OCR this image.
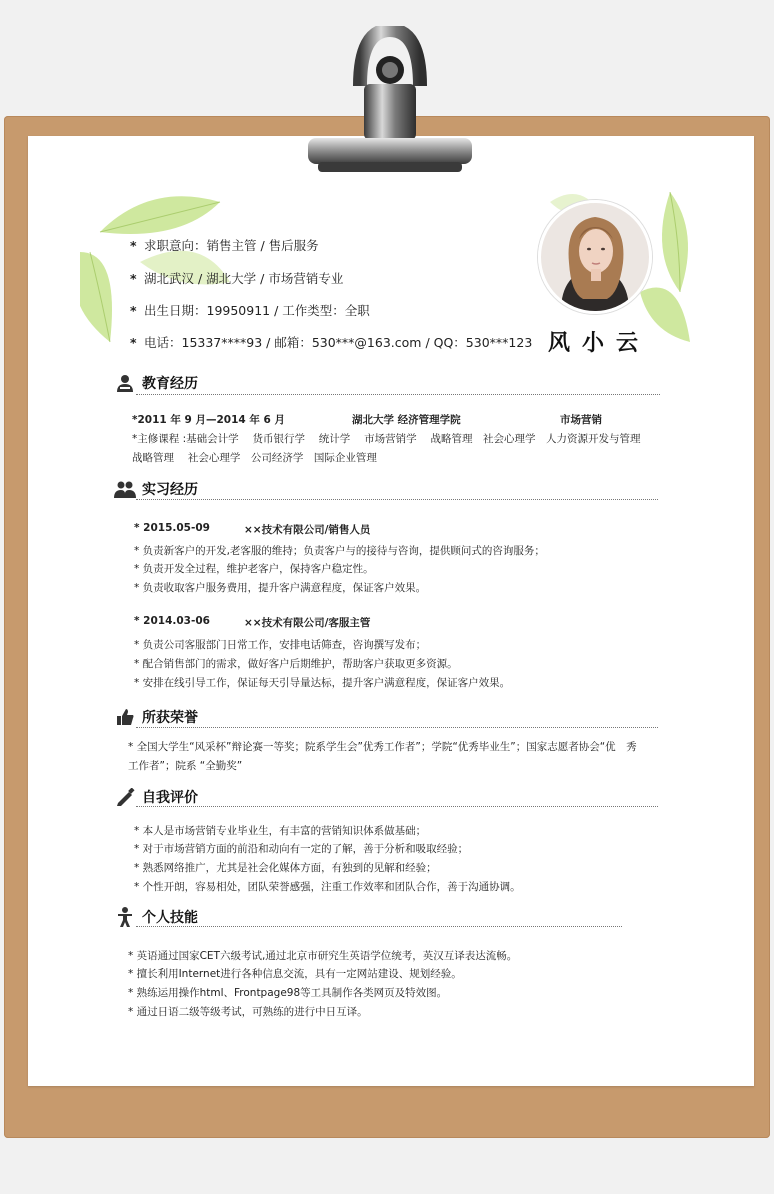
风小云
* 求职意向：销售主管 / 售后服务
* 湖北武汉 / 湖北大学 / 市场营销专业
* 出生日期：19950911 / 工作类型：全职
* 电话：15337****93 / 邮箱：530***@163.com / QQ：530***123
教育经历
*2011 年 9 月—2014 年 6 月	湖北大学 经济管理学院	市场营销
*主修课程 :基础会计学　 货币银行学　 统计学　 市场营销学　 战略管理　社会心理学　人力资源开发与管理
战略管理　 社会心理学　公司经济学　国际企业管理
实习经历
* 2015.05-09	××技术有限公司/销售人员
* 负责新客户的开发,老客服的维持；负责客户与的接待与咨询，提供顾问式的咨询服务；
* 负责开发全过程，维护老客户，保持客户稳定性。
* 负责收取客户服务费用，提升客户满意程度，保证客户效果。
* 2014.03-06	××技术有限公司/客服主管
* 负责公司客服部门日常工作，安排电话筛查，咨询撰写发布；
* 配合销售部门的需求，做好客户后期维护，帮助客户获取更多资源。
* 安排在线引导工作，保证每天引导量达标，提升客户满意程度，保证客户效果。
所获荣誉
* 全国大学生“风采杯”辩论赛一等奖；院系学生会”优秀工作者”；学院“优秀毕业生”；国家志愿者协会“优　秀
工作者”；院系 “全勤奖”
自我评价
* 本人是市场营销专业毕业生，有丰富的营销知识体系做基础；
* 对于市场营销方面的前沿和动向有一定的了解，善于分析和吸取经验；
* 熟悉网络推广，尤其是社会化媒体方面，有独到的见解和经验；
* 个性开朗，容易相处，团队荣誉感强，注重工作效率和团队合作，善于沟通协调。
个人技能
* 英语通过国家CET六级考试,通过北京市研究生英语学位统考，英汉互译表达流畅。
* 擅长利用Internet进行各种信息交流，具有一定网站建设、规划经验。
* 熟练运用操作html、Frontpage98等工具制作各类网页及特效图。
* 通过日语二级等级考试，可熟练的进行中日互译。
